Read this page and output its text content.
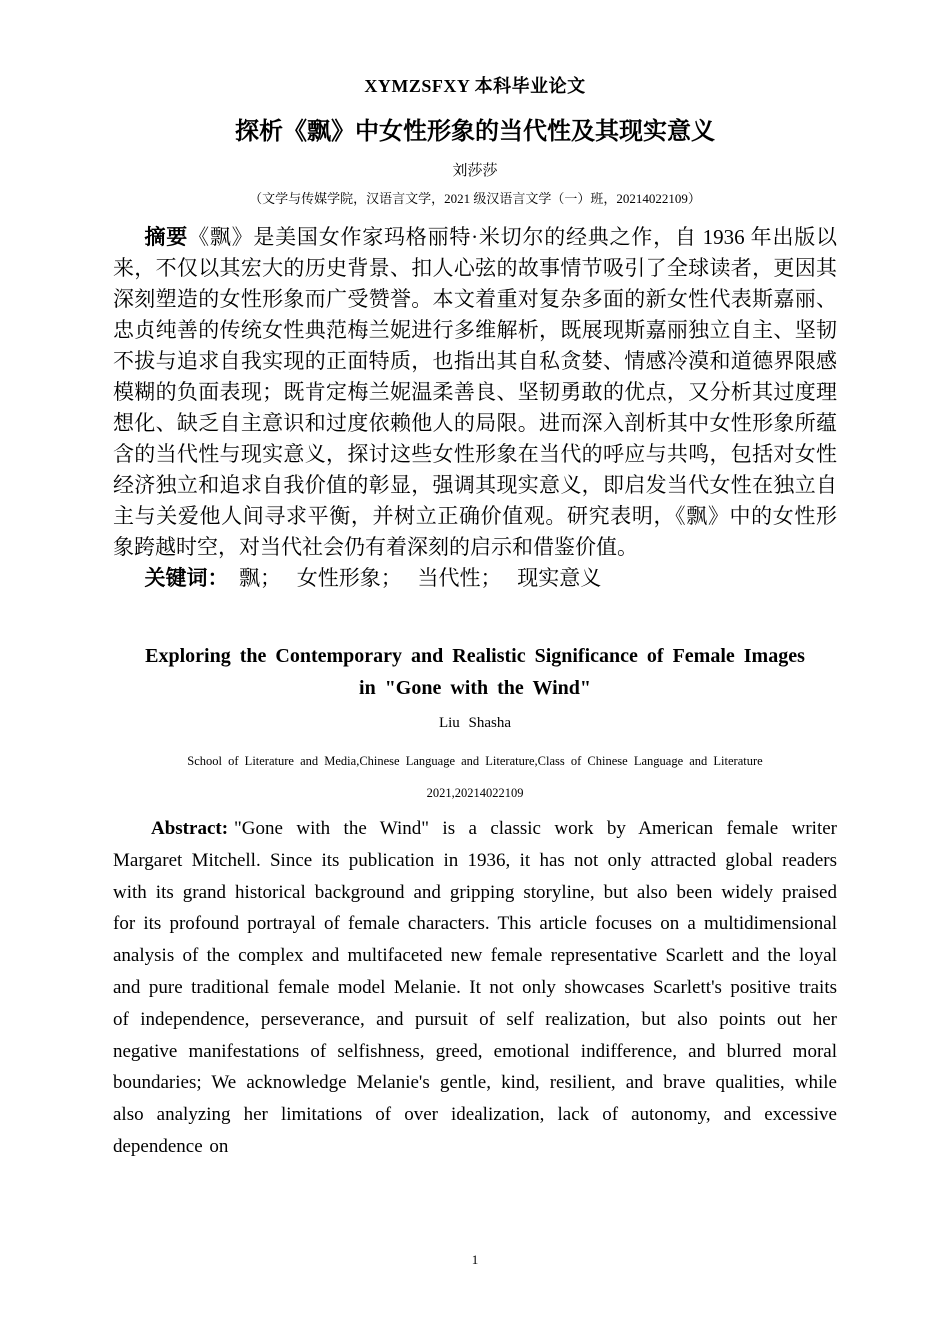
XYMZSFXY 本科毕业论文
探析《飘》中女性形象的当代性及其现实意义
刘莎莎
（文学与传媒学院，汉语言文学，2021 级汉语言文学（一）班，20214022109）

摘要《飘》是美国女作家玛格丽特·米切尔的经典之作，自 1936 年出版以来，不仅以其宏大的历史背景、扣人心弦的故事情节吸引了全球读者，更因其深刻塑造的女性形象而广受赞誉。本文着重对复杂多面的新女性代表斯嘉丽、忠贞纯善的传统女性典范梅兰妮进行多维解析，既展现斯嘉丽独立自主、坚韧不拔与追求自我实现的正面特质，也指出其自私贪婪、情感冷漠和道德界限感模糊的负面表现；既肯定梅兰妮温柔善良、坚韧勇敢的优点，又分析其过度理想化、缺乏自主意识和过度依赖他人的局限。进而深入剖析其中女性形象所蕴含的当代性与现实意义，探讨这些女性形象在当代的呼应与共鸣，包括对女性经济独立和追求自我价值的彰显，强调其现实意义，即启发当代女性在独立自主与关爱他人间寻求平衡，并树立正确价值观。研究表明，《飘》中的女性形象跨越时空，对当代社会仍有着深刻的启示和借鉴价值。

关键词：  飘；   女性形象；   当代性；   现实意义

Exploring the Contemporary and Realistic Significance of Female Images
in "Gone with the Wind"
Liu Shasha
School of Literature and Media,Chinese Language and Literature,Class of Chinese Language and Literature
2021,20214022109

Abstract: "Gone with the Wind" is a classic work by American female writer Margaret Mitchell. Since its publication in 1936, it has not only attracted global readers with its grand historical background and gripping storyline, but also been widely praised for its profound portrayal of female characters. This article focuses on a multidimensional analysis of the complex and multifaceted new female representative Scarlett and the loyal and pure traditional female model Melanie. It not only showcases Scarlett's positive traits of independence, perseverance, and pursuit of self realization, but also points out her negative manifestations of selfishness, greed, emotional indifference, and blurred moral boundaries; We acknowledge Melanie's gentle, kind, resilient, and brave qualities, while also analyzing her limitations of over idealization, lack of autonomy, and excessive dependence on

1
